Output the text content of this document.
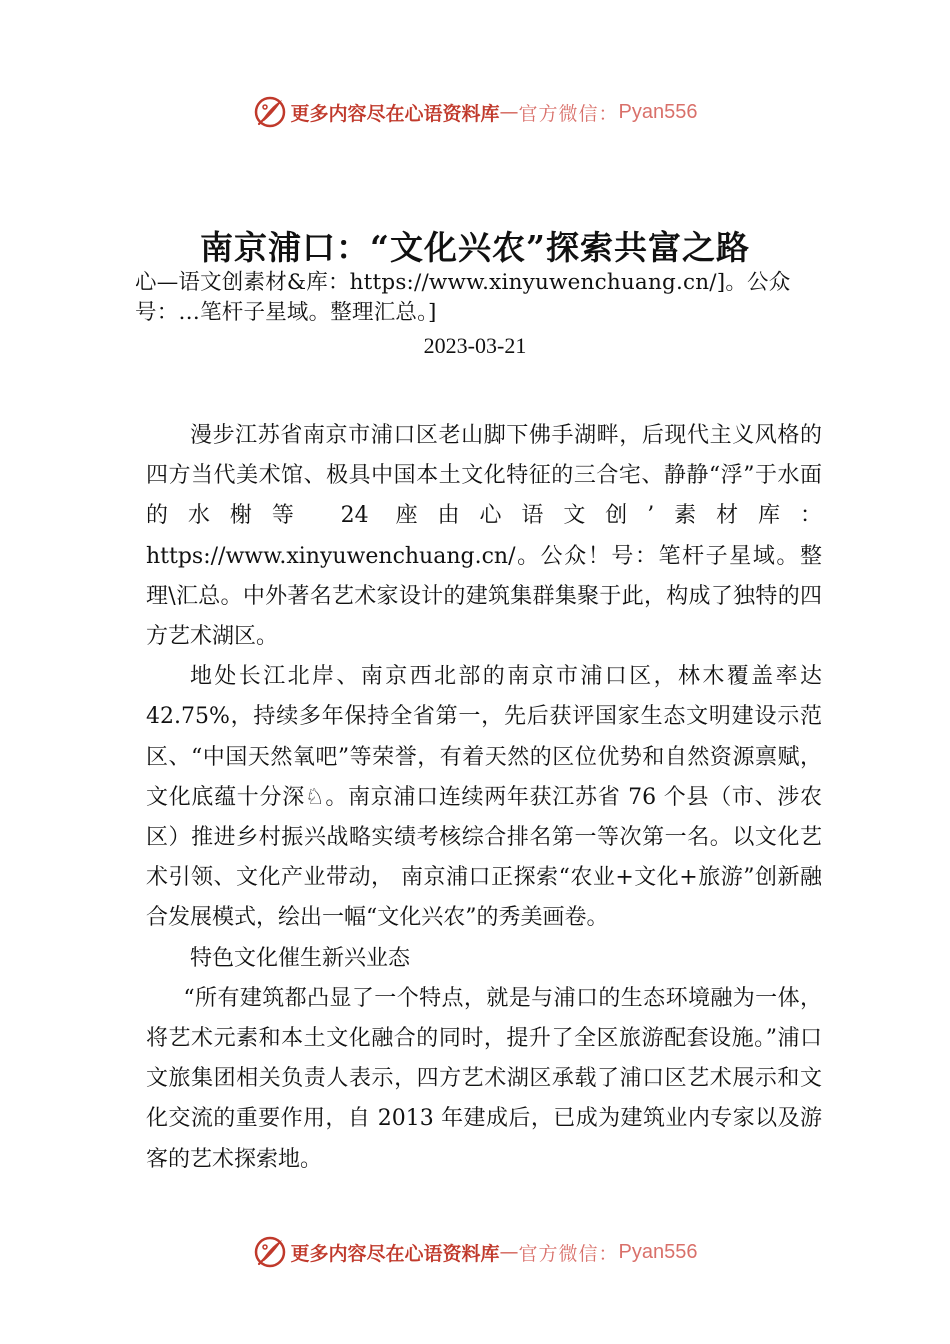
更多内容尽在心语资料库 — 官方微信： Pyan556
南京浦口：“文化兴农”探索共富之路
心—语文创素材&库：https://www.xinyuwenchuang.cn/]。公众号：…笔杆子星域。整理汇总。]
2023-03-21

漫步江苏省南京市浦口区老山脚下佛手湖畔，后现代主义风格的四方当代美术馆、极具中国本土文化特征的三合宅、静静“浮”于水面的水榭等 24 座由心语文创’素材库：https://www.xinyuwenchuang.cn/。公众！号：笔杆子星域。整理\汇总。中外著名艺术家设计的建筑集群集聚于此，构成了独特的四方艺术湖区。

地处长江北岸、南京西北部的南京市浦口区，林木覆盖率达 42.75%，持续多年保持全省第一，先后获评国家生态文明建设示范区、“中国天然氧吧”等荣誉，有着天然的区位优势和自然资源禀赋，文化底蕴十分深♘。南京浦口连续两年获江苏省 76 个县（市、涉农区）推进乡村振兴战略实绩考核综合排名第一等次第一名。以文化艺术引领、文化产业带动， 南京浦口正探索“农业+文化+旅游”创新融合发展模式，绘出一幅“文化兴农”的秀美画卷。

特色文化催生新兴业态

“所有建筑都凸显了一个特点，就是与浦口的生态环境融为一体，将艺术元素和本土文化融合的同时，提升了全区旅游配套设施。”浦口文旅集团相关负责人表示，四方艺术湖区承载了浦口区艺术展示和文化交流的重要作用，自 2013 年建成后，已成为建筑业内专家以及游客的艺术探索地。

更多内容尽在心语资料库 — 官方微信： Pyan556
